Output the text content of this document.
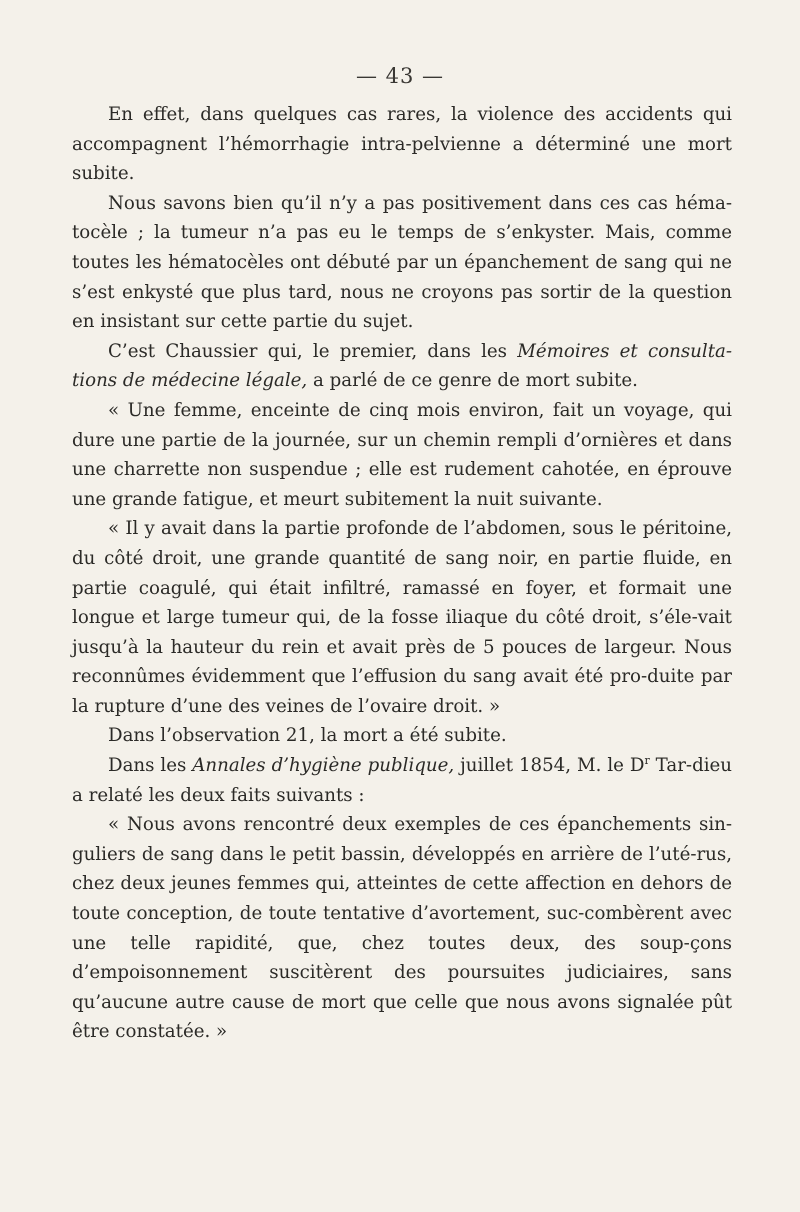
— 43 —

En effet, dans quelques cas rares, la violence des accidents qui accompagnent l’hémorrhagie intra-pelvienne a déterminé une mort subite.

Nous savons bien qu’il n’y a pas positivement dans ces cas héma-tocèle ; la tumeur n’a pas eu le temps de s’enkyster. Mais, comme toutes les hématocèles ont débuté par un épanchement de sang qui ne s’est enkysté que plus tard, nous ne croyons pas sortir de la question en insistant sur cette partie du sujet.

C’est Chaussier qui, le premier, dans les Mémoires et consulta-tions de médecine légale, a parlé de ce genre de mort subite.

« Une femme, enceinte de cinq mois environ, fait un voyage, qui dure une partie de la journée, sur un chemin rempli d’ornières et dans une charrette non suspendue ; elle est rudement cahotée, en éprouve une grande fatigue, et meurt subitement la nuit suivante.

« Il y avait dans la partie profonde de l’abdomen, sous le péritoine, du côté droit, une grande quantité de sang noir, en partie fluide, en partie coagulé, qui était infiltré, ramassé en foyer, et formait une longue et large tumeur qui, de la fosse iliaque du côté droit, s’éle-vait jusqu’à la hauteur du rein et avait près de 5 pouces de largeur. Nous reconnûmes évidemment que l’effusion du sang avait été pro-duite par la rupture d’une des veines de l’ovaire droit. »

Dans l’observation 21, la mort a été subite.

Dans les Annales d’hygiène publique, juillet 1854, M. le $D^r$ Tar-dieu a relaté les deux faits suivants :

« Nous avons rencontré deux exemples de ces épanchements sin-guliers de sang dans le petit bassin, développés en arrière de l’uté-rus, chez deux jeunes femmes qui, atteintes de cette affection en dehors de toute conception, de toute tentative d’avortement, suc-combèrent avec une telle rapidité, que, chez toutes deux, des soup-çons d’empoisonnement suscitèrent des poursuites judiciaires, sans qu’aucune autre cause de mort que celle que nous avons signalée pût être constatée. »
